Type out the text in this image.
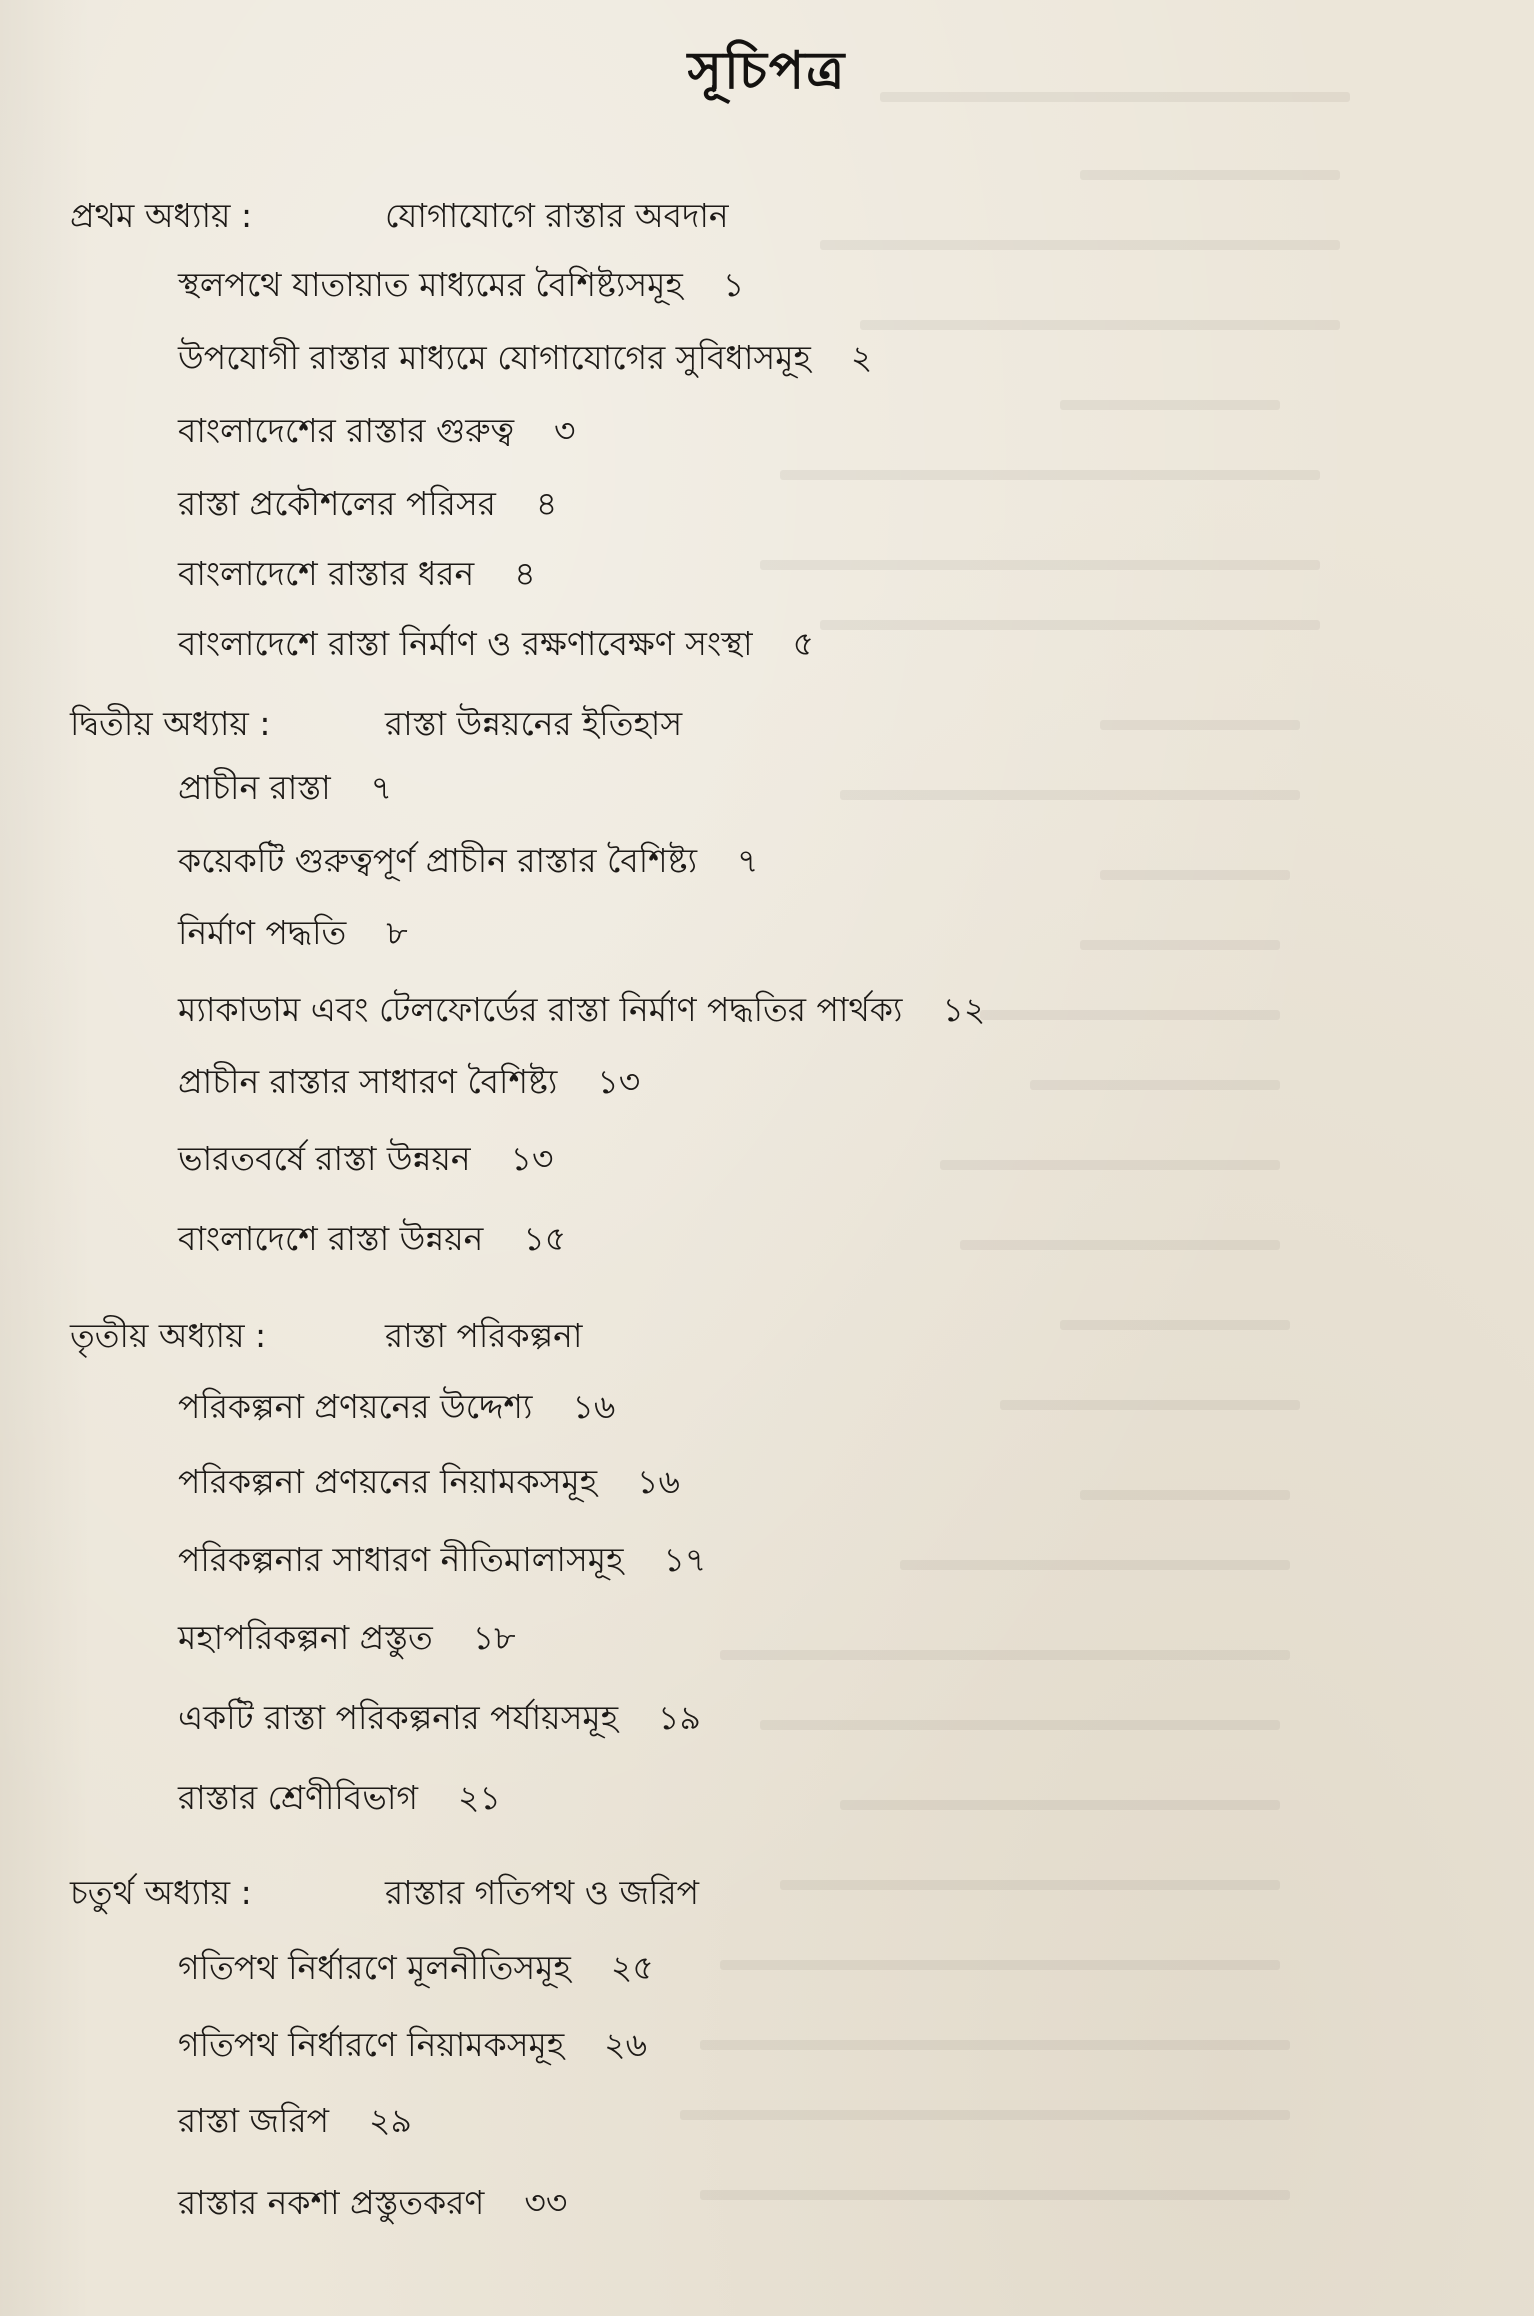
সূচিপত্র
প্রথম অধ্যায় :	যোগাযোগে রাস্তার অবদান
স্থলপথে যাতায়াত মাধ্যমের বৈশিষ্ট্যসমূহ ১
উপযোগী রাস্তার মাধ্যমে যোগাযোগের সুবিধাসমূহ ২
বাংলাদেশের রাস্তার গুরুত্ব ৩
রাস্তা প্রকৌশলের পরিসর ৪
বাংলাদেশে রাস্তার ধরন ৪
বাংলাদেশে রাস্তা নির্মাণ ও রক্ষণাবেক্ষণ সংস্থা ৫
দ্বিতীয় অধ্যায় :	রাস্তা উন্নয়নের ইতিহাস
প্রাচীন রাস্তা ৭
কয়েকটি গুরুত্বপূর্ণ প্রাচীন রাস্তার বৈশিষ্ট্য ৭
নির্মাণ পদ্ধতি ৮
ম্যাকাডাম এবং টেলফোর্ডের রাস্তা নির্মাণ পদ্ধতির পার্থক্য ১২
প্রাচীন রাস্তার সাধারণ বৈশিষ্ট্য ১৩
ভারতবর্ষে রাস্তা উন্নয়ন ১৩
বাংলাদেশে রাস্তা উন্নয়ন ১৫
তৃতীয় অধ্যায় :	রাস্তা পরিকল্পনা
পরিকল্পনা প্রণয়নের উদ্দেশ্য ১৬
পরিকল্পনা প্রণয়নের নিয়ামকসমূহ ১৬
পরিকল্পনার সাধারণ নীতিমালাসমূহ ১৭
মহাপরিকল্পনা প্রস্তুত ১৮
একটি রাস্তা পরিকল্পনার পর্যায়সমূহ ১৯
রাস্তার শ্রেণীবিভাগ ২১
চতুর্থ অধ্যায় :	রাস্তার গতিপথ ও জরিপ
গতিপথ নির্ধারণে মূলনীতিসমূহ ২৫
গতিপথ নির্ধারণে নিয়ামকসমূহ ২৬
রাস্তা জরিপ ২৯
রাস্তার নকশা প্রস্তুতকরণ ৩৩
